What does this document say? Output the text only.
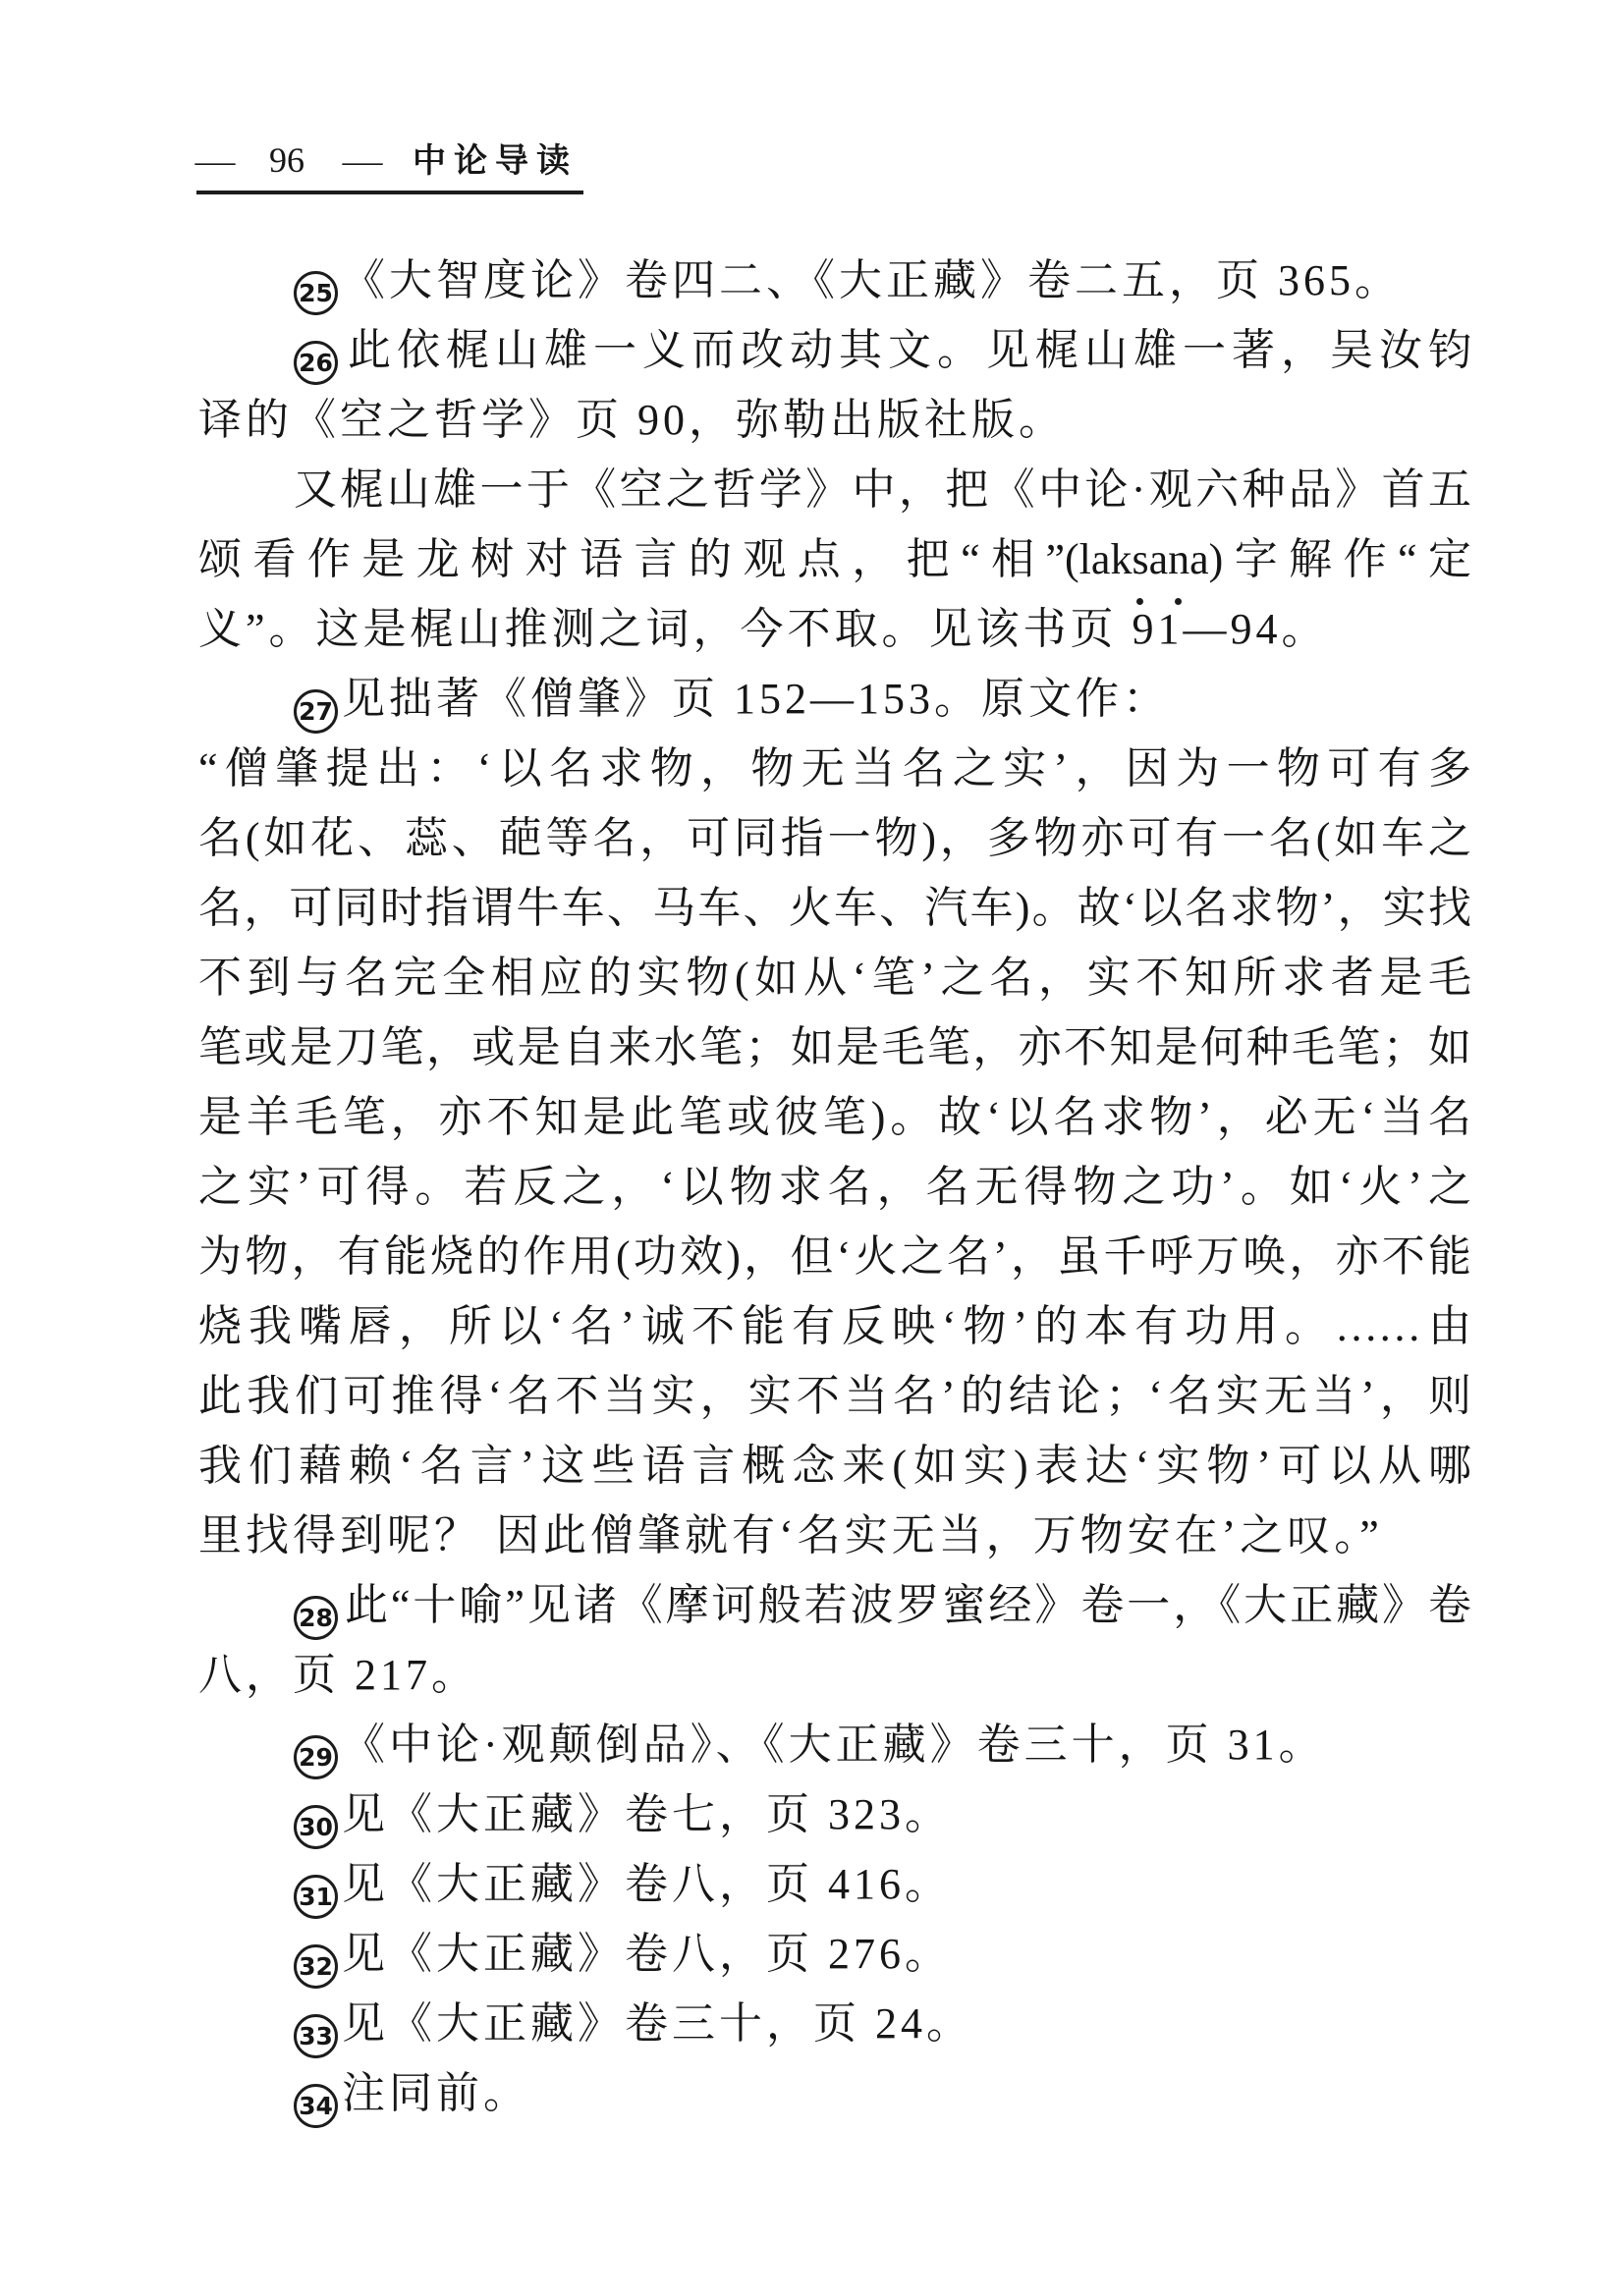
— 96 — 中论导读
25 《大智度论》卷四二、《大正藏》卷二五，页 365。
26 此依梶山雄一义而改动其文。见梶山雄一著，吴汝钧
译的《空之哲学》页 90，弥勒出版社版。
又梶山雄一于《空之哲学》中，把《中论·观六种品》首五
颂看作是龙树对语言的观点，把“相”(laksana)字解作“定
义”。这是梶山推测之词，今不取。见该书页 91—94。
27 见拙著《僧肇》页 152—153。原文作：
“僧肇提出：‘以名求物，物无当名之实’，因为一物可有多
名(如花、蕊、葩等名，可同指一物)，多物亦可有一名(如车之
名，可同时指谓牛车、马车、火车、汽车)。故‘以名求物’，实找
不到与名完全相应的实物(如从‘笔’之名，实不知所求者是毛
笔或是刀笔，或是自来水笔；如是毛笔，亦不知是何种毛笔；如
是羊毛笔，亦不知是此笔或彼笔)。故‘以名求物’，必无‘当名
之实’可得。若反之，‘以物求名，名无得物之功’。如‘火’之
为物，有能烧的作用(功效)，但‘火之名’，虽千呼万唤，亦不能
烧我嘴唇，所以‘名’诚不能有反映‘物’的本有功用。……由
此我们可推得‘名不当实，实不当名’的结论；‘名实无当’，则
我们藉赖‘名言’这些语言概念来(如实)表达‘实物’可以从哪
里找得到呢？ 因此僧肇就有‘名实无当，万物安在’之叹。”
28 此“十喻”见诸《摩诃般若波罗蜜经》卷一，《大正藏》卷
八，页 217。
29 《中论·观颠倒品》、《大正藏》卷三十，页 31。
30 见《大正藏》卷七，页 323。
31 见《大正藏》卷八，页 416。
32 见《大正藏》卷八，页 276。
33 见《大正藏》卷三十，页 24。
34 注同前。
